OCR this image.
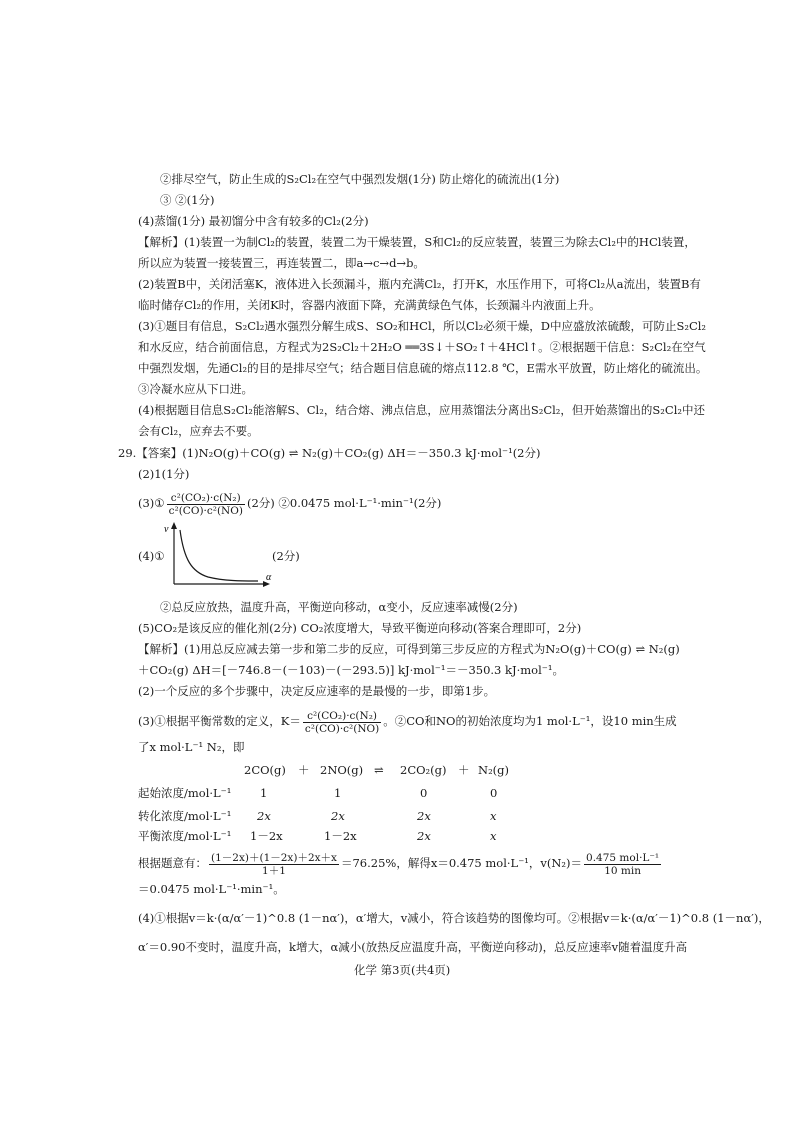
②排尽空气，防止生成的S₂Cl₂在空气中强烈发烟(1分) 防止熔化的硫流出(1分)
③ ②(1分)
(4)蒸馏(1分) 最初馏分中含有较多的Cl₂(2分)
【解析】(1)装置一为制Cl₂的装置，装置二为干燥装置，S和Cl₂的反应装置，装置三为除去Cl₂中的HCl装置，
所以应为装置一接装置三，再连装置二，即a→c→d→b。
(2)装置B中，关闭活塞K，液体进入长颈漏斗，瓶内充满Cl₂，打开K，水压作用下，可将Cl₂从a流出，装置B有
临时储存Cl₂的作用，关闭K时，容器内液面下降，充满黄绿色气体，长颈漏斗内液面上升。
(3)①题目有信息，S₂Cl₂遇水强烈分解生成S、SO₂和HCl，所以Cl₂必须干燥，D中应盛放浓硫酸，可防止S₂Cl₂
和水反应，结合前面信息，方程式为2S₂Cl₂＋2H₂O ══3S↓＋SO₂↑＋4HCl↑。②根据题干信息：S₂Cl₂在空气
中强烈发烟，先通Cl₂的目的是排尽空气；结合题目信息硫的熔点112.8 ℃，E需水平放置，防止熔化的硫流出。
③冷凝水应从下口进。
(4)根据题目信息S₂Cl₂能溶解S、Cl₂，结合熔、沸点信息，应用蒸馏法分离出S₂Cl₂，但开始蒸馏出的S₂Cl₂中还
会有Cl₂，应弃去不要。
29.【答案】(1)N₂O(g)＋CO(g) ⇌ N₂(g)＋CO₂(g) ΔH＝－350.3 kJ·mol⁻¹(2分)
(2)1(1分)
(3)① $\frac{\text{c²(CO₂)·c(N₂)}}{\text{c²(CO)·c²(NO)}} (2$分) ②0.0475 mol·L⁻¹·min⁻¹(2分)
(4)①
v
α
(2分)
②总反应放热，温度升高，平衡逆向移动，α变小，反应速率减慢(2分)
(5)CO₂是该反应的催化剂(2分) CO₂浓度增大，导致平衡逆向移动(答案合理即可，2分)
【解析】(1)用总反应减去第一步和第二步的反应，可得到第三步反应的方程式为N₂O(g)＋CO(g) ⇌ N₂(g)
＋CO₂(g) ΔH＝[－746.8－(－103)－(－293.5)] kJ·mol⁻¹＝－350.3 kJ·mol⁻¹。
(2)一个反应的多个步骤中，决定反应速率的是最慢的一步，即第1步。
(3)①根据平衡常数的定义，$K= \frac{\text{c²(CO₂)·c(N₂)}}{\text{c²(CO)·c²(NO)}}$ 。②CO和NO的初始浓度均为1 mol·L⁻¹，设10 min生成
了x mol·L⁻¹ N₂，即
2CO(g) ＋ 2NO(g) ⇌ 2CO₂(g) ＋ N₂(g)
起始浓度/mol·L⁻¹ 1	1	0	0
转化浓度/mol·L⁻¹ 2x	2x	2x	x
平衡浓度/mol·L⁻¹ 1－2x	1－2x	2x	x
根据题意有： $\frac{(1-2x)+(1-2x)+2x+x}{1+1} =76.25\%$，解得x＝0.475 mol·L⁻¹，$v(N_2)= \frac{\text{0.475 mol·L⁻¹}}{10 \min}$
＝0.0475 mol·L⁻¹·min⁻¹。
(4)①根据v＝k·(α/α′－1)^0.8 (1－nα′)，α′增大，v减小，符合该趋势的图像均可。②根据v＝k·(α/α′－1)^0.8 (1－nα′)，
α′＝0.90不变时，温度升高，k增大，α减小(放热反应温度升高，平衡逆向移动)，总反应速率v随着温度升高
化学 第3页(共4页)
